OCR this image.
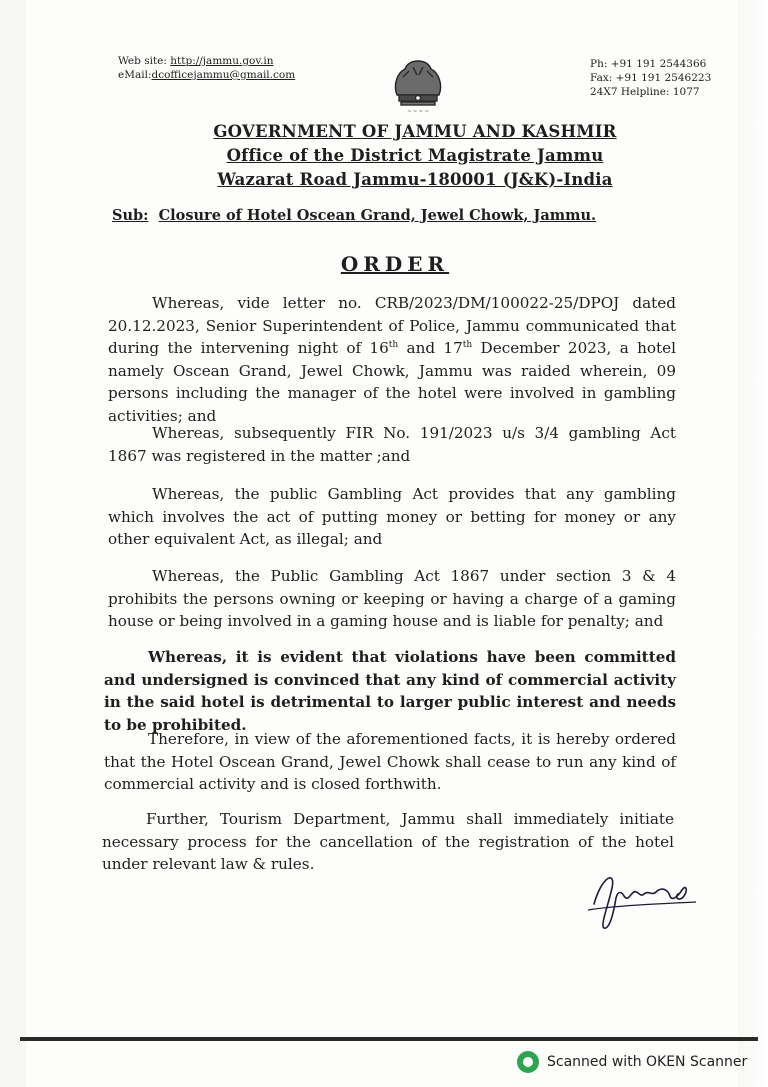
Web site: http://jammu.gov.in
eMail:dcofficejammu@gmail.com
~ ~ ~ ~
Ph: +91 191 2544366
Fax: +91 191 2546223
24X7 Helpline: 1077
GOVERNMENT OF JAMMU AND KASHMIR
Office of the District Magistrate Jammu
Wazarat Road Jammu-180001 (J&K)-India
Sub: Closure of Hotel Oscean Grand, Jewel Chowk, Jammu.
ORDER
Whereas, vide letter no. CRB/2023/DM/100022-25/DPOJ dated 20.12.2023, Senior Superintendent of Police, Jammu communicated that during the intervening night of 16th and 17th December 2023, a hotel namely Oscean Grand, Jewel Chowk, Jammu was raided wherein, 09 persons including the manager of the hotel were involved in gambling activities; and
Whereas, subsequently FIR No. 191/2023 u/s 3/4 gambling Act 1867 was registered in the matter ;and
Whereas, the public Gambling Act provides that any gambling which involves the act of putting money or betting for money or any other equivalent Act, as illegal; and
Whereas, the Public Gambling Act 1867 under section 3 & 4 prohibits the persons owning or keeping or having a charge of a gaming house or being involved in a gaming house and is liable for penalty; and
Whereas, it is evident that violations have been committed and undersigned is convinced that any kind of commercial activity in the said hotel is detrimental to larger public interest and needs to be prohibited.
Therefore, in view of the aforementioned facts, it is hereby ordered that the Hotel Oscean Grand, Jewel Chowk shall cease to run any kind of commercial activity and is closed forthwith.
Further, Tourism Department, Jammu shall immediately initiate necessary process for the cancellation of the registration of the hotel under relevant law & rules.
Scanned with OKEN Scanner
